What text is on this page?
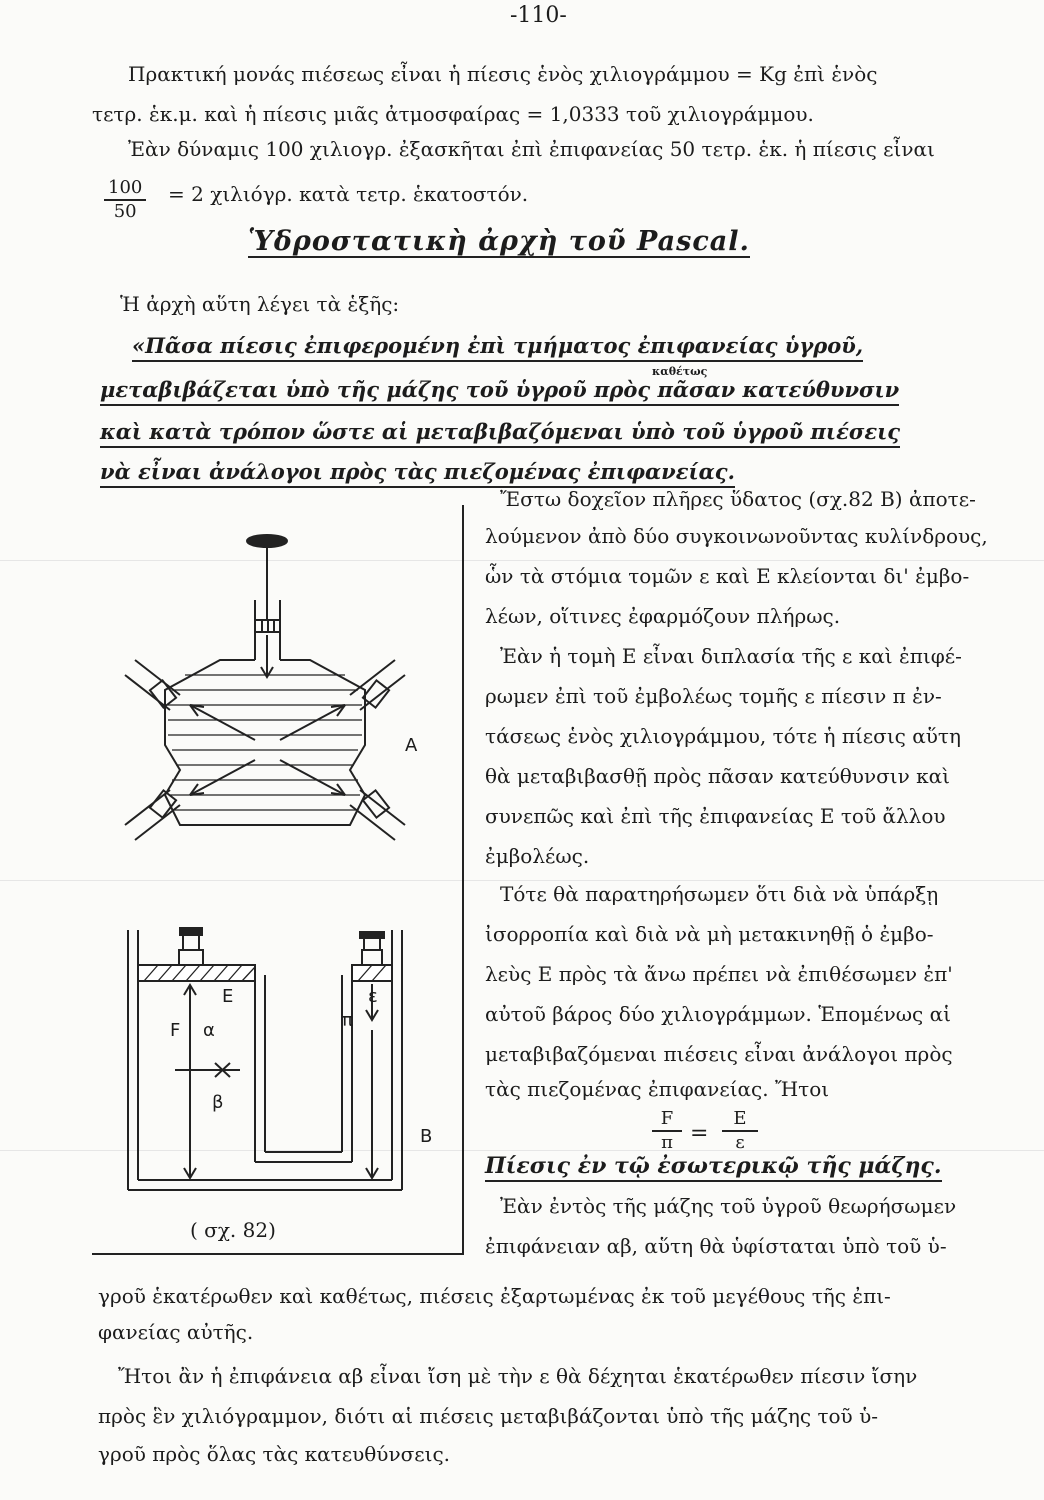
-110-
Πρακτική μονάς πιέσεως εἶναι ἡ πίεσις ἑνὸς χιλιογράμμου = Kg ἐπὶ ἑνὸς
τετρ. ἑκ.μ. καὶ ἡ πίεσις μιᾶς ἀτμοσφαίρας = 1,0333 τοῦ χιλιογράμμου.
Ἐὰν δύναμις 100 χιλιογρ. ἐξασκῆται ἐπὶ ἐπιφανείας 50 τετρ. ἑκ. ἡ πίεσις εἶναι
$\frac{100}{50} = 2$ χιλιόγρ. κατὰ τετρ. ἑκατοστόν.
Ὑδροστατικὴ ἀρχὴ τοῦ Pascal.
Ἡ ἀρχὴ αὕτη λέγει τὰ ἑξῆς:
«Πᾶσα πίεσις ἐπιφερομένη ἐπὶ τμήματος ἐπιφανείας ὑγροῦ,
καθέτως
μεταβιβάζεται ὑπὸ τῆς μάζης τοῦ ὑγροῦ πρὸς πᾶσαν κατεύθυνσιν
καὶ κατὰ τρόπον ὥστε αἱ μεταβιβαζόμεναι ὑπὸ τοῦ ὑγροῦ πιέσεις
νὰ εἶναι ἀνάλογοι πρὸς τὰς πιεζομένας ἐπιφανείας.
Ἔστω δοχεῖον πλῆρες ὕδατος (σχ.82 Β) ἀποτε-
λούμενον ἀπὸ δύο συγκοινωνοῦντας κυλίνδρους,
ὧν τὰ στόμια τομῶν ε καὶ Ε κλείονται δι' ἐμβο-
λέων, οἵτινες ἐφαρμόζουν πλήρως.
Ἐὰν ἡ τομὴ Ε εἶναι διπλασία τῆς ε καὶ ἐπιφέ-
ρωμεν ἐπὶ τοῦ ἐμβολέως τομῆς ε πίεσιν π ἐν-
τάσεως ἑνὸς χιλιογράμμου, τότε ἡ πίεσις αὕτη
θὰ μεταβιβασθῇ πρὸς πᾶσαν κατεύθυνσιν καὶ
συνεπῶς καὶ ἐπὶ τῆς ἐπιφανείας Ε τοῦ ἄλλου
ἐμβολέως.
Τότε θὰ παρατηρήσωμεν ὅτι διὰ νὰ ὑπάρξῃ
ἰσορροπία καὶ διὰ νὰ μὴ μετακινηθῇ ὁ ἐμβο-
λεὺς Ε πρὸς τὰ ἄνω πρέπει νὰ ἐπιθέσωμεν ἐπ'
αὐτοῦ βάρος δύο χιλιογράμμων. Ἑπομένως αἱ
μεταβιβαζόμεναι πιέσεις εἶναι ἀνάλογοι πρὸς
τὰς πιεζομένας ἐπιφανείας. Ἤτοι
$\frac{F}{\pi} = \frac{E}{\varepsilon}$
Πίεσις ἐν τῷ ἐσωτερικῷ τῆς μάζης.
Ἐὰν ἐντὸς τῆς μάζης τοῦ ὑγροῦ θεωρήσωμεν
ἐπιφάνειαν αβ, αὕτη θὰ ὑφίσταται ὑπὸ τοῦ ὑ-
Α
F
E
α
β
π
ε
Β
( σχ. 82)
γροῦ ἑκατέρωθεν καὶ καθέτως, πιέσεις ἐξαρτωμένας ἐκ τοῦ μεγέθους τῆς ἐπι-
φανείας αὐτῆς.
Ἤτοι ἂν ἡ ἐπιφάνεια αβ εἶναι ἴση μὲ τὴν ε θὰ δέχηται ἑκατέρωθεν πίεσιν ἴσην
πρὸς ἓν χιλιόγραμμον, διότι αἱ πιέσεις μεταβιβάζονται ὑπὸ τῆς μάζης τοῦ ὑ-
γροῦ πρὸς ὅλας τὰς κατευθύνσεις.
